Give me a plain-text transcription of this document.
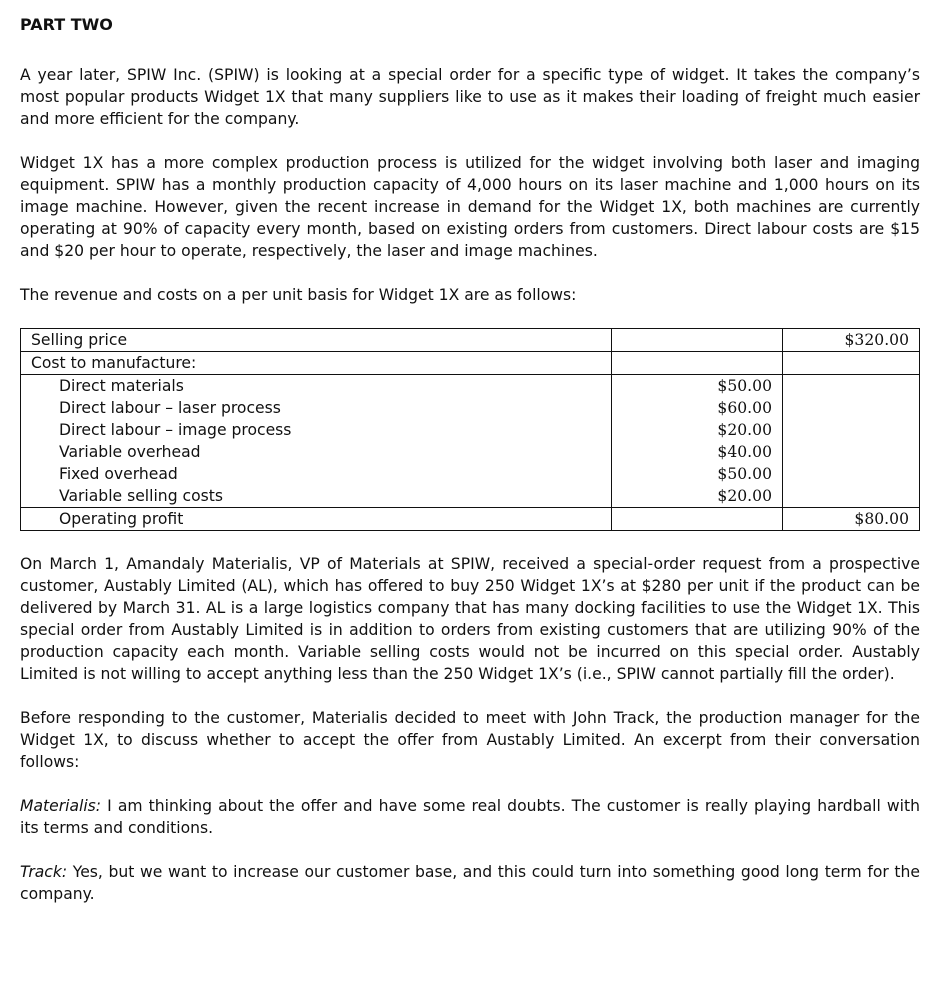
PART TWO

A year later, SPIW Inc. (SPIW) is looking at a special order for a specific type of widget. It takes the company’s most popular products Widget 1X that many suppliers like to use as it makes their loading of freight much easier and more efficient for the company.

Widget 1X has a more complex production process is utilized for the widget involving both laser and imaging equipment. SPIW has a monthly production capacity of 4,000 hours on its laser machine and 1,000 hours on its image machine. However, given the recent increase in demand for the Widget 1X, both machines are currently operating at 90% of capacity every month, based on existing orders from customers. Direct labour costs are $15 and $20 per hour to operate, respectively, the laser and image machines.

The revenue and costs on a per unit basis for Widget 1X are as follows:

Selling price		$320.00
Cost to manufacture:		
Direct materials	$50.00	
Direct labour – laser process	$60.00	
Direct labour – image process	$20.00	
Variable overhead	$40.00	
Fixed overhead	$50.00	
Variable selling costs	$20.00	
Operating profit		$80.00

On March 1, Amandaly Materialis, VP of Materials at SPIW, received a special-order request from a prospective customer, Austably Limited (AL), which has offered to buy 250 Widget 1X’s at $280 per unit if the product can be delivered by March 31. AL is a large logistics company that has many docking facilities to use the Widget 1X. This special order from Austably Limited is in addition to orders from existing customers that are utilizing 90% of the production capacity each month. Variable selling costs would not be incurred on this special order. Austably Limited is not willing to accept anything less than the 250 Widget 1X’s (i.e., SPIW cannot partially fill the order).

Before responding to the customer, Materialis decided to meet with John Track, the production manager for the Widget 1X, to discuss whether to accept the offer from Austably Limited. An excerpt from their conversation follows:

Materialis: I am thinking about the offer and have some real doubts. The customer is really playing hardball with its terms and conditions.

Track: Yes, but we want to increase our customer base, and this could turn into something good long term for the company.
